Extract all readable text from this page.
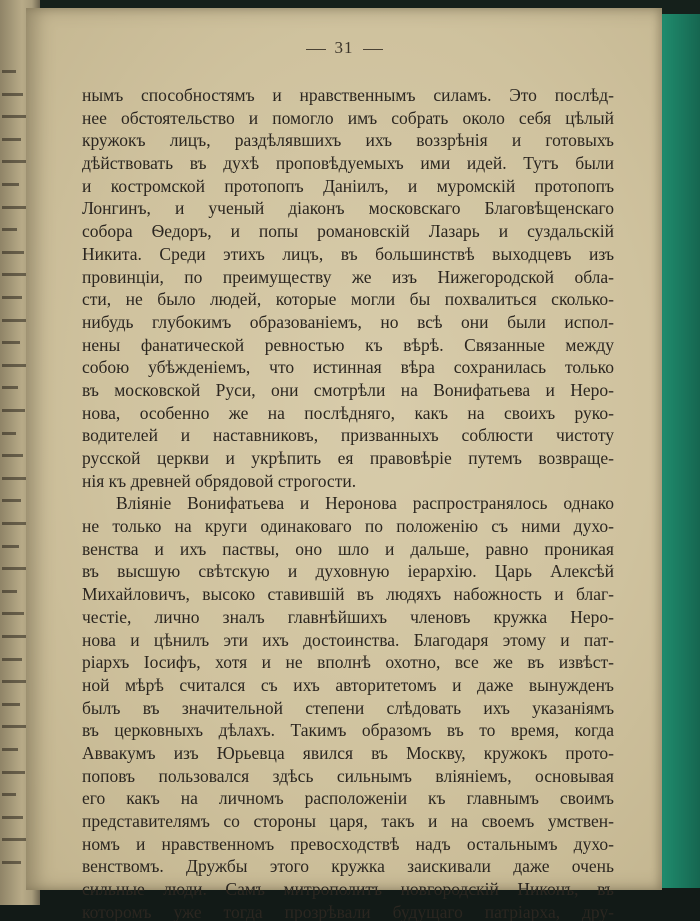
31
нымъ способностямъ и нравственнымъ силамъ. Это послѣд-
нее обстоятельство и помогло имъ собрать около себя цѣлый
кружокъ лицъ, раздѣлявшихъ ихъ воззрѣнія и готовыхъ
дѣйствовать въ духѣ проповѣдуемыхъ ими идей. Тутъ были
и костромской протопопъ Данiилъ, и муромскiй протопопъ
Лонгинъ, и ученый дiаконъ московскаго Благовѣщенскаго
собора Ѳедоръ, и попы романовскiй Лазарь и суздальскiй
Никита. Среди этихъ лицъ, въ большинствѣ выходцевъ изъ
провинцiи, по преимуществу же изъ Нижегородской обла-
сти, не было людей, которые могли бы похвалиться сколько-
нибудь глубокимъ образованiемъ, но всѣ они были испол-
нены фанатической ревностью къ вѣрѣ. Связанные между
собою убѣжденiемъ, что истинная вѣра сохранилась только
въ московской Руси, они смотрѣли на Вонифатьева и Неро-
нова, особенно же на послѣдняго, какъ на своихъ руко-
водителей и наставниковъ, призванныхъ соблюсти чистоту
русской церкви и укрѣпить ея правовѣрiе путемъ возвраще-
нiя къ древней обрядовой строгости.
Влiянiе Вонифатьева и Неронова распространялось однако
не только на круги одинаковаго по положенiю съ ними духо-
венства и ихъ паствы, оно шло и дальше, равно проникая
въ высшую свѣтскую и духовную iерархiю. Царь Алексѣй
Михайловичъ, высоко ставившiй въ людяхъ набожность и благ-
честiе, лично зналъ главнѣйшихъ членовъ кружка Неро-
нова и цѣнилъ эти ихъ достоинства. Благодаря этому и пат-
рiархъ Iосифъ, хотя и не вполнѣ охотно, все же въ извѣст-
ной мѣрѣ считался съ ихъ авторитетомъ и даже вынужденъ
былъ въ значительной степени слѣдовать ихъ указанiямъ
въ церковныхъ дѣлахъ. Такимъ образомъ въ то время, когда
Аввакумъ изъ Юрьевца явился въ Москву, кружокъ прото-
поповъ пользовался здѣсь сильнымъ влiянiемъ, основывая
его какъ на личномъ расположенiи къ главнымъ своимъ
представителямъ со стороны царя, такъ и на своемъ умствен-
номъ и нравственномъ превосходствѣ надъ остальнымъ духо-
венствомъ. Дружбы этого кружка заискивали даже очень
сильные люди. Самъ митрополитъ новгородскiй Никонъ, въ
которомъ уже тогда прозрѣвали будущаго патрiарха, дру-
